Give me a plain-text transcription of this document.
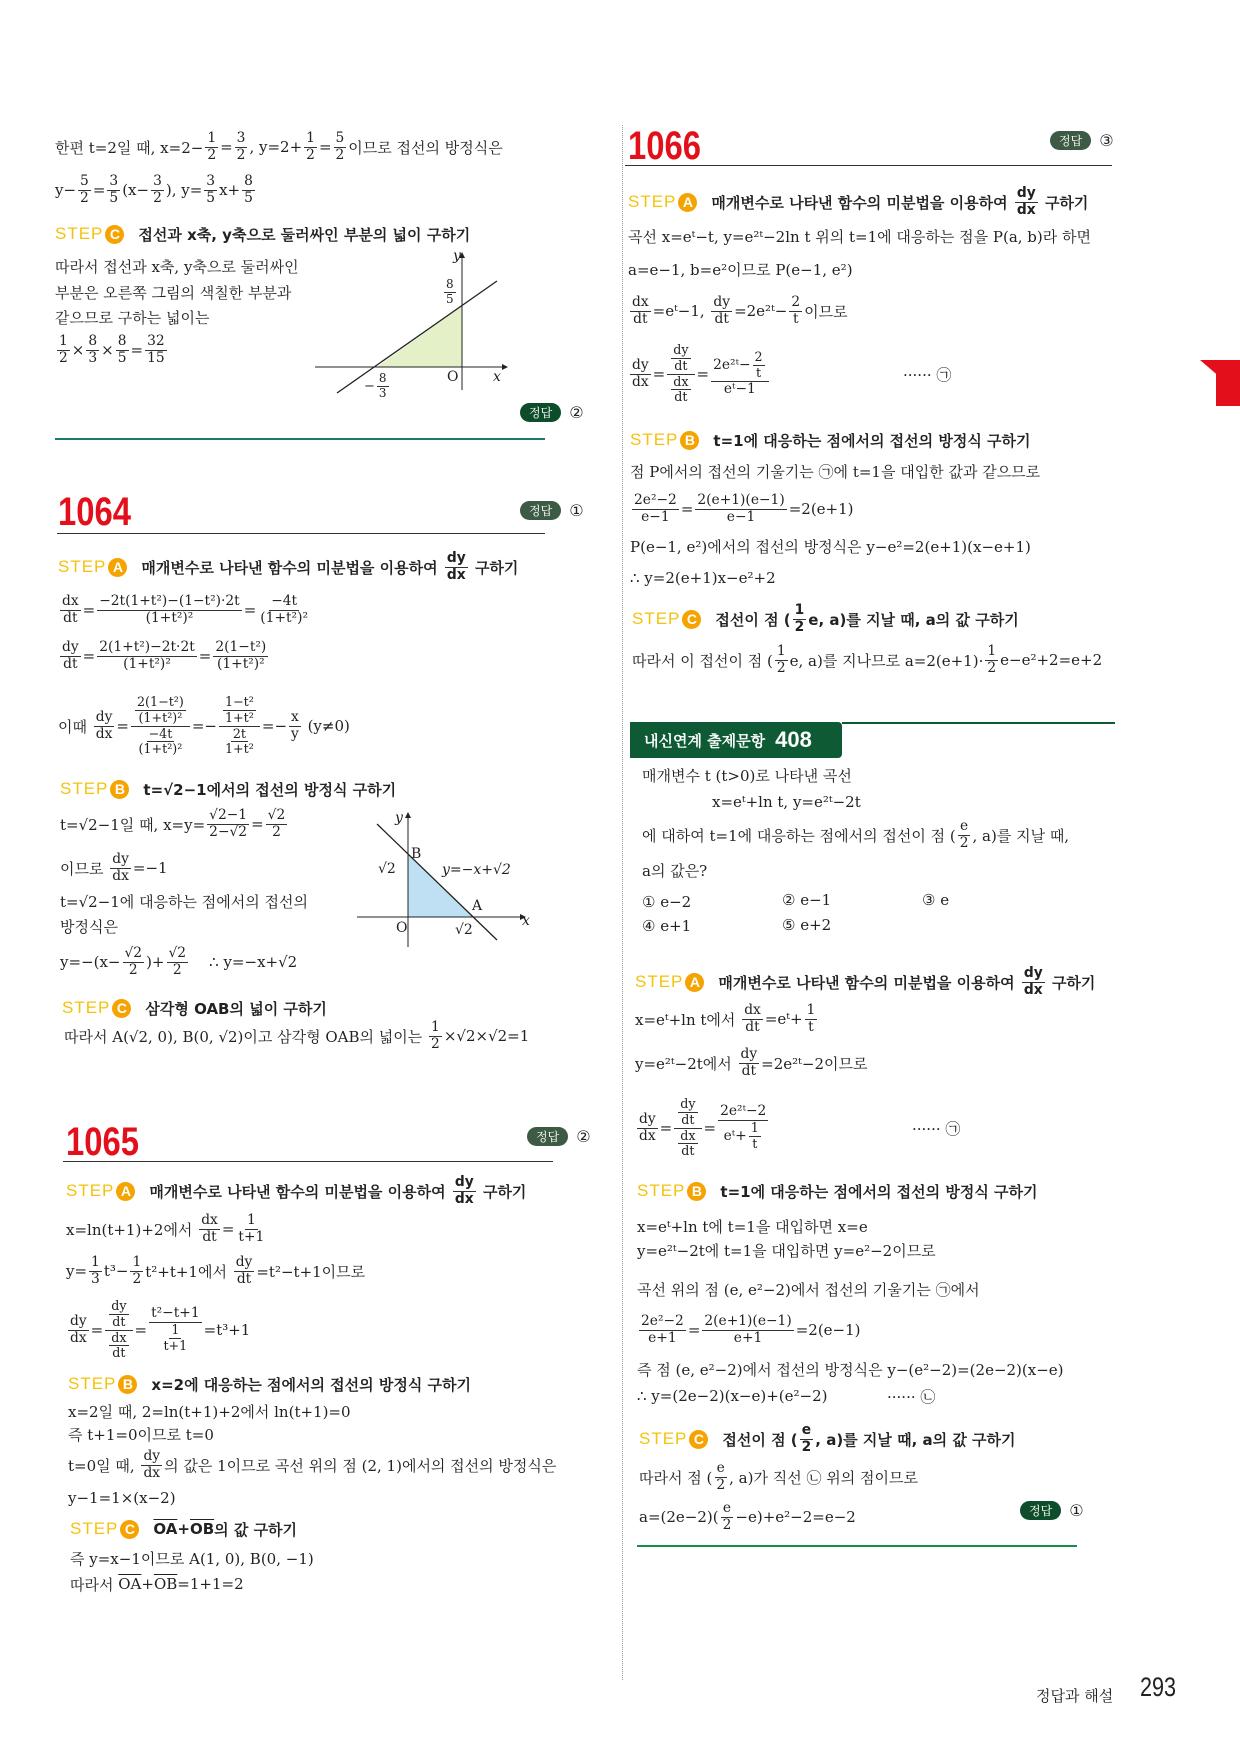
한편 t=2일 때, $x=2- \frac{1}{2} = \frac{3}{2}$ , $y=2+ \frac{1}{2} = \frac{5}{2}$ 이므로 접선의 방정식은
$y- \frac{5}{2} = \frac{3}{5} (x- \frac{3}{2}$ ), $y= \frac{3}{5} x+ \frac{8}{5}$
STEP C 접선과 x축, y축으로 둘러싸인 부분의 넓이 구하기
따라서 접선과 x축, y축으로 둘러싸인
부분은 오른쪽 그림의 색칠한 부분과
같으므로 구하는 넓이는
$\frac{1}{2} \times \frac{8}{3} \times \frac{8}{5} = \frac{32}{15}$
y
$\frac{8}{5}$
− $\frac{8}{3}$	O x
정답	②
1064	정답	①
STEP A 매개변수로 나타낸 함수의 미분법을 이용하여 $\frac{dy}{dx}$ 구하기
$\frac{dx}{dt} = \frac{\text{−2t(1+t²)−(1−t²)·2t}}{\text{(1+t²)²}} = \frac{-4t}{\text{(1+t²)²}}$
$\frac{dy}{dt} = \frac{\text{2(1+t²)−2t·2t}}{\text{(1+t²)²}} = \frac{\text{2(1−t²)}}{\text{(1+t²)²}}$
이때 $\frac{dy}{dx} = \frac{\frac{\text{2(1−t²)}}{\text{(1+t²)²}}}{\frac{-4t}{\text{(1+t²)²}}} =- \frac{\frac{\text{1−t²}}{\text{1+t²}}}{\frac{2t}{\text{1+t²}}} =- \frac{x}{y} (y\ne 0)$
STEP B t=√2−1에서의 접선의 방정식 구하기
t=√2−1일 때, $x=y= \frac{√2-1}{2-√2} = \frac{√2}{2}$
이므로 $\frac{dy}{dx} =-1$
t=√2−1에 대응하는 점에서의 접선의
방정식은
$y=-(x- \frac{√2}{2}$ )+ $\frac{√2}{2}$ ∴ y=−x+√2
y
B
√2	y=−x+√2
A
O	√2
x
STEP C 삼각형 OAB의 넓이 구하기
따라서 A(√2, 0), B(0, √2)이고 삼각형 OAB의 넓이는 $\frac{1}{2} \times√2\times√2=1$
1065	정답	②
STEP A 매개변수로 나타낸 함수의 미분법을 이용하여 $\frac{dy}{dx}$ 구하기
x=ln(t+1)+2에서 $\frac{dx}{dt} = \frac{1}{t+1}$
$y= \frac{1}{3} t^3- \frac{1}{2} t^2+t+1$에서 $\frac{dy}{dt} =t^2-t+1$이므로
$\frac{dy}{dx} = \frac{\frac{dy}{dt}}{\frac{dx}{dt}} = \frac{\text{t²−t+1}}{\frac{1}{t+1}} =t^3+1$
STEP B x=2에 대응하는 점에서의 접선의 방정식 구하기
x=2일 때, 2=ln(t+1)+2에서 ln(t+1)=0
즉 t+1=0이므로 t=0
t=0일 때, $\frac{dy}{dx}$ 의 값은 1이므로 곡선 위의 점 (2, 1)에서의 접선의 방정식은
y−1=1×(x−2)
STEP C $\overline{OA} + \overline{OB}$ 의 값 구하기
즉 y=x−1이므로 A(1, 0), B(0, −1)
따라서 $\overline{OA} + \overline{OB} =1+1=2$
1066	정답	③
STEP A 매개변수로 나타낸 함수의 미분법을 이용하여 $\frac{dy}{dx}$ 구하기
곡선 x=eᵗ−t, y=e²ᵗ−2ln t 위의 t=1에 대응하는 점을 P(a, b)라 하면
a=e−1, b=e²이므로 P(e−1, e²)
$\frac{dx}{dt}$ =eᵗ−1, $\frac{dy}{dt}$ =2e²ᵗ− $\frac{2}{t}$ 이므로
$\frac{dy}{dx} = \frac{\frac{dy}{dt}}{\frac{dx}{dt}} = \frac{2e^2ᵗ- \frac{2}{t}}{\text{eᵗ−1}}$	······ ㉠
STEP B t=1에 대응하는 점에서의 접선의 방정식 구하기
점 P에서의 접선의 기울기는 ㉠에 t=1을 대입한 값과 같으므로
$\frac{\text{2e²−2}}{e-1} = \frac{2(e+1)(e-1)}{e-1} =2(e+1)$
P(e−1, e²)에서의 접선의 방정식은 y−e²=2(e+1)(x−e+1)
∴ y=2(e+1)x−e²+2
STEP C 접선이 점 ( $\frac{1}{2} e$, a)를 지날 때, a의 값 구하기
따라서 이 접선이 점 ( $\frac{1}{2} e$, a)를 지나므로 $a=2(e+1)\cdot \frac{1}{2} e-e^2+2=e+2$
내신연계 출제문항 408
매개변수 t (t>0)로 나타낸 곡선
x=eᵗ+ln t, y=e²ᵗ−2t
에 대하여 t=1에 대응하는 점에서의 접선이 점 ( $\frac{e}{2}$ , a)를 지날 때,
a의 값은?
① e−2	② e−1	③ e
④ e+1	⑤ e+2
STEP A 매개변수로 나타낸 함수의 미분법을 이용하여 $\frac{dy}{dx}$ 구하기
x=eᵗ+ln t에서 $\frac{dx}{dt}$ =eᵗ+ $\frac{1}{t}$
y=e²ᵗ−2t에서 $\frac{dy}{dt}$ =2e²ᵗ−2이므로
$\frac{dy}{dx} = \frac{\frac{dy}{dt}}{\frac{dx}{dt}} = \frac{\text{2e²ᵗ−2}}{eᵗ+ \frac{1}{t}}$	······ ㉠
STEP B t=1에 대응하는 점에서의 접선의 방정식 구하기
x=eᵗ+ln t에 t=1을 대입하면 x=e
y=e²ᵗ−2t에 t=1을 대입하면 y=e²−2이므로
곡선 위의 점 (e, e²−2)에서 접선의 기울기는 ㉠에서
$\frac{\text{2e²−2}}{e+1} = \frac{2(e+1)(e-1)}{e+1} =2(e-1)$
즉 점 (e, e²−2)에서 접선의 방정식은 y−(e²−2)=(2e−2)(x−e)
∴ y=(2e−2)(x−e)+(e²−2)	······ ㉡
STEP C 접선이 점 ( $\frac{e}{2}$ , a)를 지날 때, a의 값 구하기
따라서 점 ( $\frac{e}{2}$ , a)가 직선 ㉡ 위의 점이므로
$a=(2e-2)( \frac{e}{2} -e)+e^2-2=e-2$	정답	①
정답과 해설 293
